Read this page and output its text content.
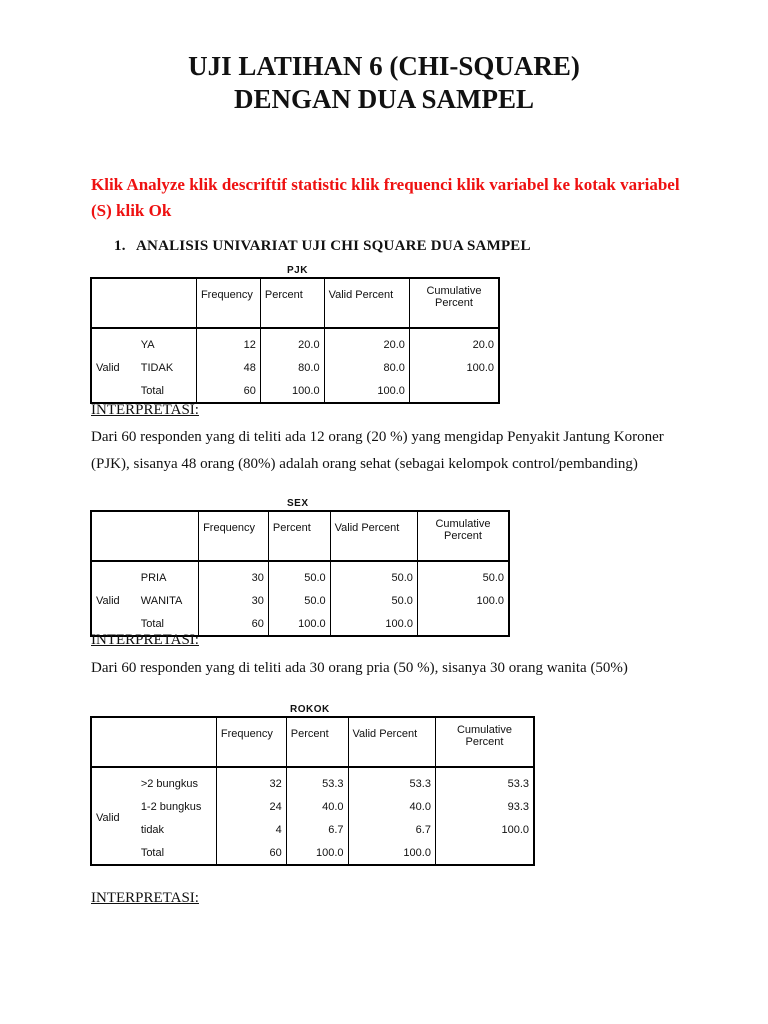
UJI LATIHAN 6 (CHI-SQUARE)
DENGAN DUA SAMPEL
Klik Analyze klik descriftif statistic klik frequenci klik variabel ke kotak variabel (S) klik Ok
1. ANALISIS UNIVARIAT UJI CHI SQUARE DUA SAMPEL
PJK
		Frequency	Percent	Valid Percent	Cumulative Percent
Valid	YA	12	20.0	20.0	20.0
	TIDAK	48	80.0	80.0	100.0
	Total	60	100.0	100.0	
INTERPRETASI:
Dari 60 responden yang di teliti ada 12 orang (20 %) yang mengidap Penyakit Jantung Koroner (PJK), sisanya 48 orang (80%) adalah orang sehat (sebagai kelompok control/pembanding)
SEX
		Frequency	Percent	Valid Percent	Cumulative Percent
Valid	PRIA	30	50.0	50.0	50.0
	WANITA	30	50.0	50.0	100.0
	Total	60	100.0	100.0	
INTERPRETASI:
Dari 60 responden yang di teliti ada 30 orang pria (50 %), sisanya 30 orang wanita (50%)
ROKOK
		Frequency	Percent	Valid Percent	Cumulative Percent
Valid	>2 bungkus	32	53.3	53.3	53.3
	1-2 bungkus	24	40.0	40.0	93.3
	tidak	4	6.7	6.7	100.0
	Total	60	100.0	100.0	
INTERPRETASI:
